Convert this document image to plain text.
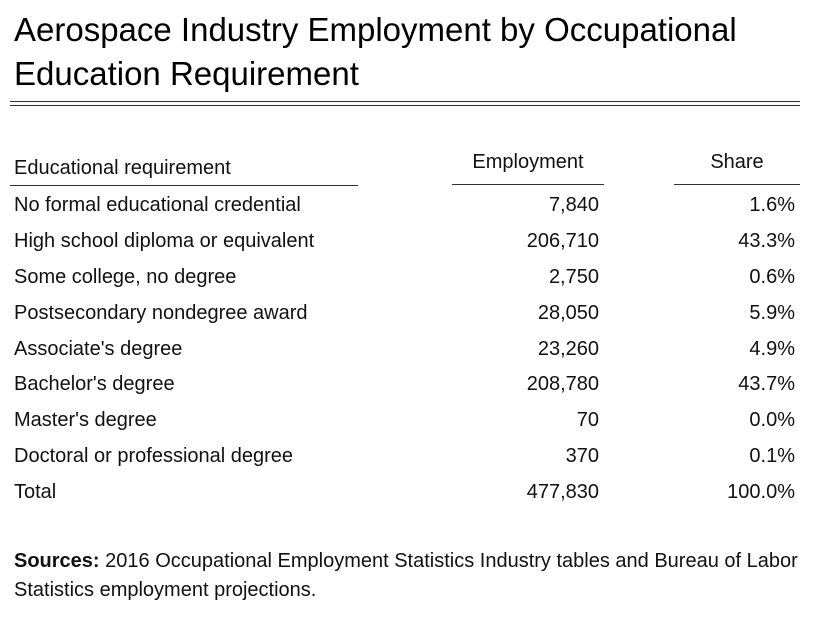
Aerospace Industry Employment by Occupational Education Requirement
Educational requirement	Employment	Share
No formal educational credential	7,840	1.6%
High school diploma or equivalent	206,710	43.3%
Some college, no degree	2,750	0.6%
Postsecondary nondegree award	28,050	5.9%
Associate's degree	23,260	4.9%
Bachelor's degree	208,780	43.7%
Master's degree	70	0.0%
Doctoral or professional degree	370	0.1%
Total	477,830	100.0%
Sources: 2016 Occupational Employment Statistics Industry tables and Bureau of Labor Statistics employment projections.
